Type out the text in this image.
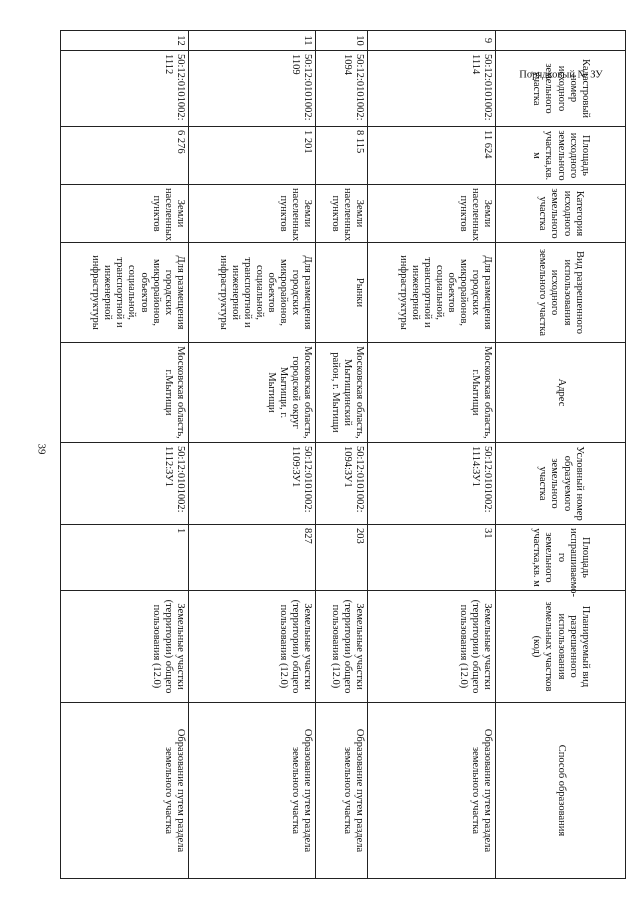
39
Порядковый № ЗУ	Кадастровый номер исходного земельного участка	Площадь исходного земельного участка,кв. м	Категория исходного земельного участка	Вид разрешенного использования исходного земельного участка	Адрес	Условный номер образуемого земельного участка	Площадь испрашиваемо-го земельного участка,кв. м	Планируемый вид разрешенного использования земельных участков (код)	Способ образования
9	50:12:0101002: 1114	11 624	Земли населенных пунктов	Для размещения городских микрорайонов, объектов социальной, транспортной и инженерной инфраструктуры	Московская область, г.Мытищи	50:12:0101002: 1114:ЗУ1	31	Земельные участки (территории) общего пользования (12.0)	Образование путем раздела земельного участка
10	50:12:0101002: 1094	8 115	Земли населенных пунктов	Рынки	Московская область, Мытищинский район, г. Мытищи	50:12:0101002: 1094:ЗУ1	203	Земельные участки (территории) общего пользования (12.0)	Образование путем раздела земельного участка
11	50:12:0101002: 1109	1 201	Земли населенных пунктов	Для размещения городских микрорайонов, объектов социальной, транспортной и инженерной инфраструктуры	Московская область, городской округ Мытищи, г. Мытищи	50:12:0101002: 1109:ЗУ1	827	Земельные участки (территории) общего пользования (12.0)	Образование путем раздела земельного участка
12	50:12:0101002: 1112	6 276	Земли населенных пунктов	Для размещения городских микрорайонов, объектов социальной, транспортной и инженерной инфраструктуры	Московская область, г.Мытищи	50:12:0101002: 1112:ЗУ1	1	Земельные участки (территории) общего пользования (12.0)	Образование путем раздела земельного участка
